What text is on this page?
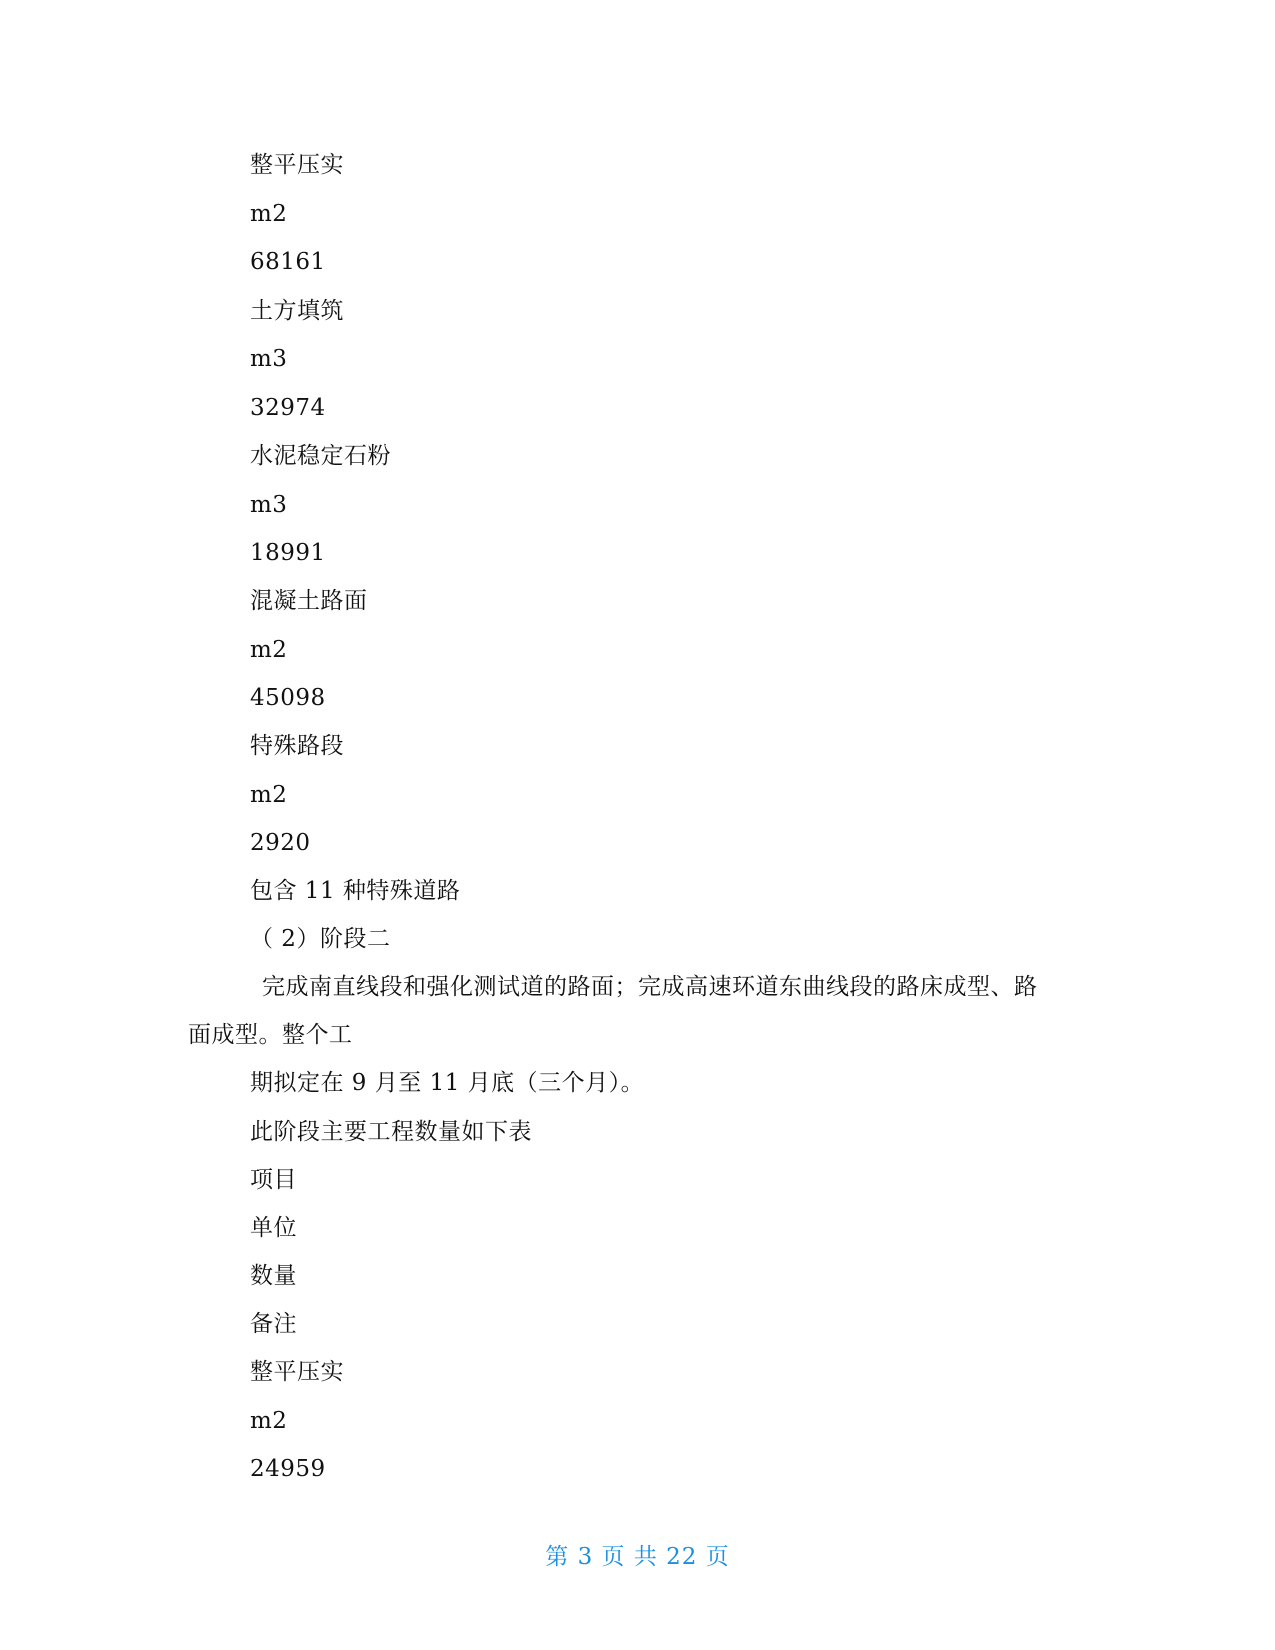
整平压实
m2
68161
土方填筑
m3
32974
水泥稳定石粉
m3
18991
混凝土路面
m2
45098
特殊路段
m2
2920
包含 11 种特殊道路
（ 2）阶段二
完成南直线段和强化测试道的路面；完成高速环道东曲线段的路床成型、路
面成型。整个工
期拟定在 9 月至 11 月底（三个月）。
此阶段主要工程数量如下表
项目
单位
数量
备注
整平压实
m2
24959
第 3 页 共 22 页
